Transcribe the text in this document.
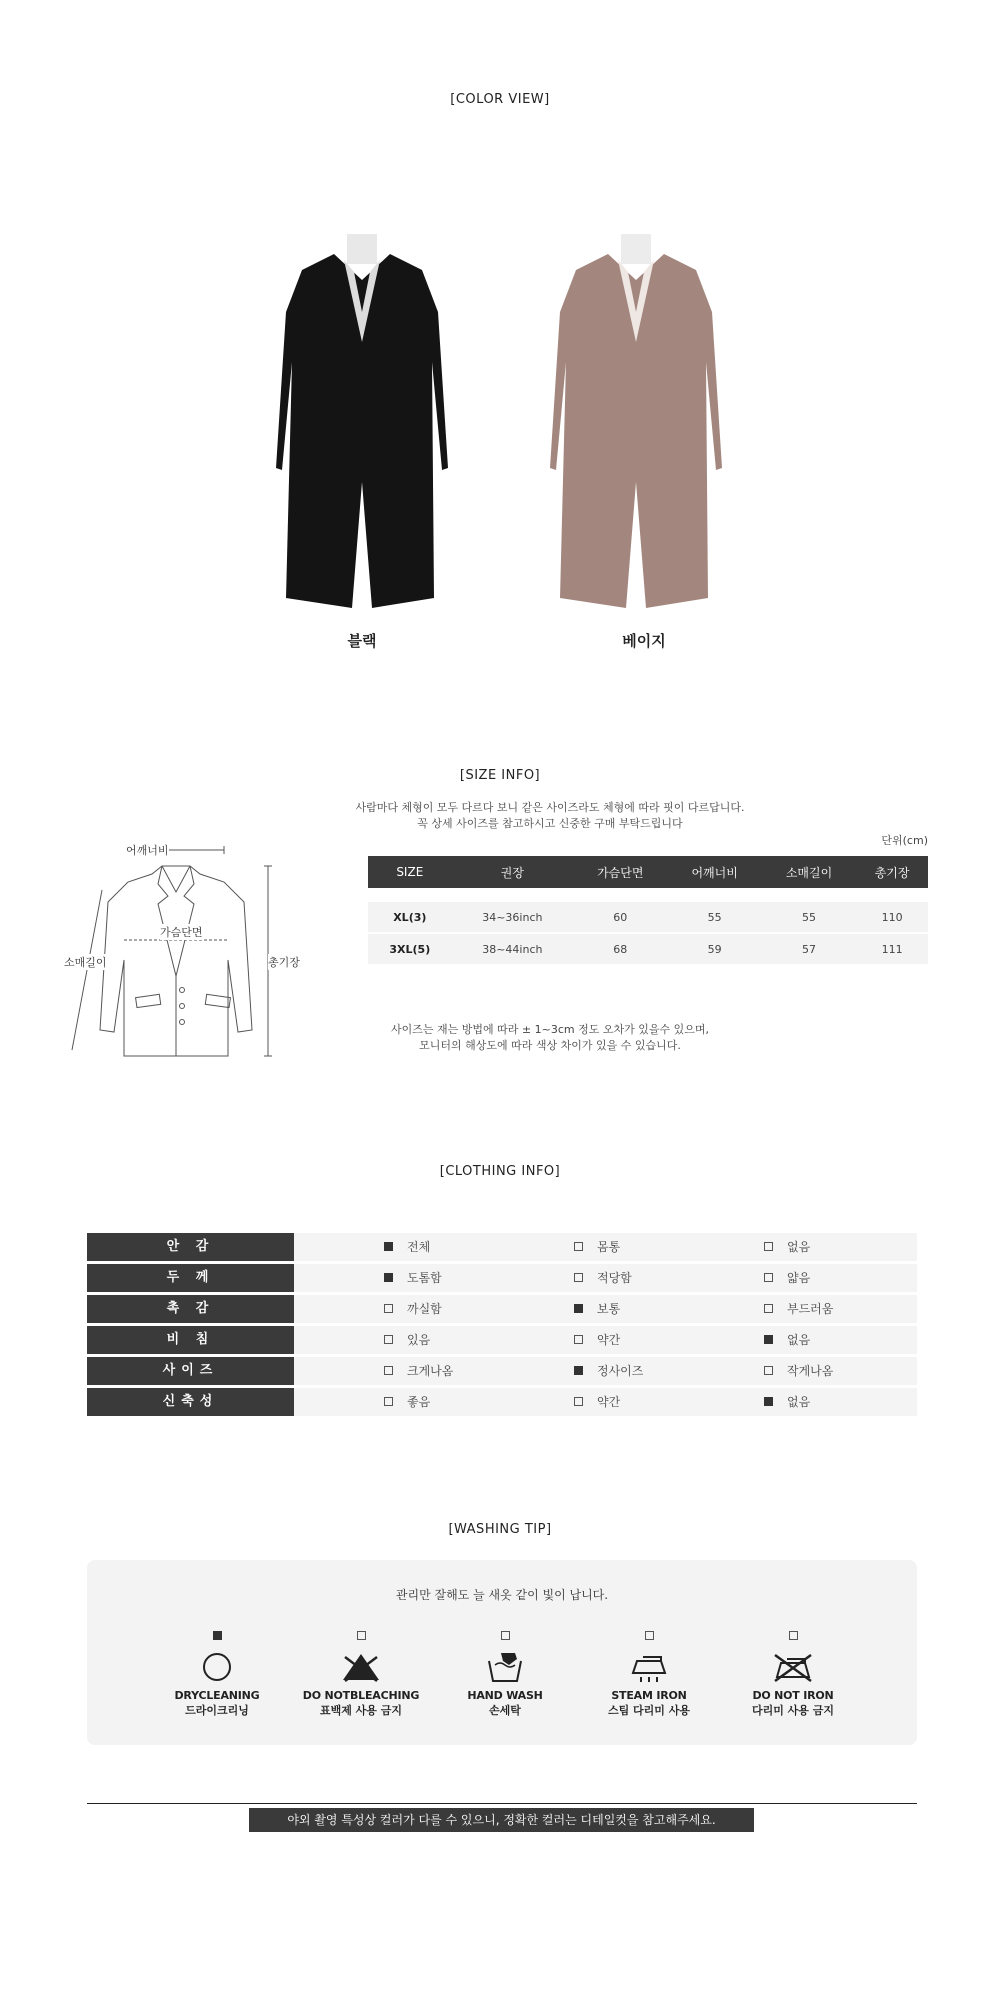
[COLOR VIEW]
블랙	베이지
[SIZE INFO]
사람마다 체형이 모두 다르다 보니 같은 사이즈라도 체형에 따라 핏이 다르답니다.
꼭 상세 사이즈를 참고하시고 신중한 구매 부탁드립니다
단위(cm)
어깨너비
가슴단면
소매길이	총기장
SIZE	권장	가슴단면	어깨너비	소매길이	총기장

XL(3)	34~36inch	60	55	55	110
3XL(5)	38~44inch	68	59	57	111
사이즈는 재는 방법에 따라 ± 1~3cm 정도 오차가 있을수 있으며,
모니터의 해상도에 따라 색상 차이가 있을 수 있습니다.
[CLOTHING INFO]
안 감	전체	몸통	없음
두 께	도톰함	적당함	얇음
촉 감	까실함	보통	부드러움
비 침	있음	약간	없음
사이즈	크게나옴	정사이즈	작게나옴
신축성	좋음	약간	없음
[WASHING TIP]
관리만 잘해도 늘 새옷 같이 빛이 납니다.
DRYCLEANING
드라이크리닝
DO NOTBLEACHING
표백제 사용 금지
HAND WASH
손세탁
STEAM IRON
스팀 다리미 사용
DO NOT IRON
다리미 사용 금지
야외 촬영 특성상 컬러가 다를 수 있으니, 정확한 컬러는 디테일컷을 참고해주세요.
